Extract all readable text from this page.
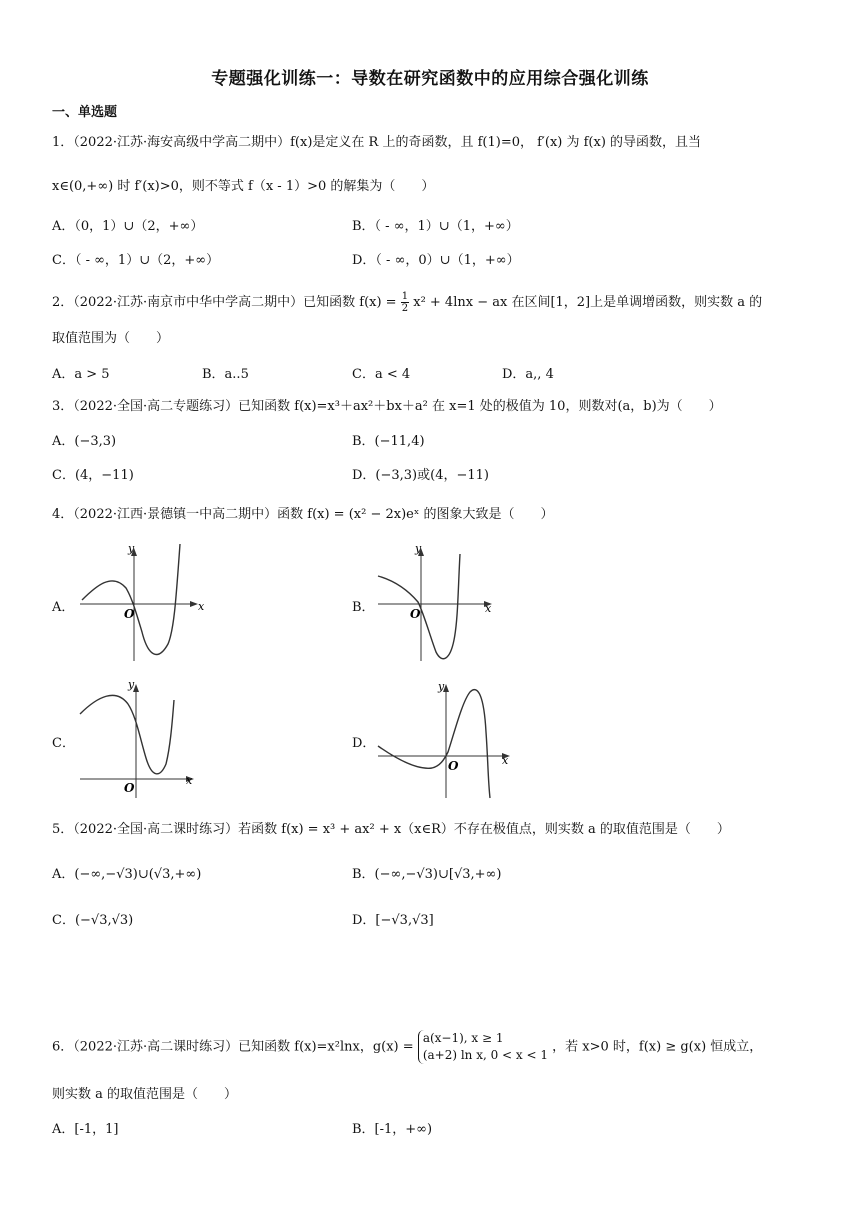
专题强化训练一：导数在研究函数中的应用综合强化训练
一、单选题
1．（2022·江苏·海安高级中学高二期中）f(x)是定义在 R 上的奇函数，且 f(1)=0， f′(x) 为 f(x) 的导函数，且当
x∈(0,+∞) 时 f′(x)>0，则不等式 f（x - 1）>0 的解集为（　　）
A．（0，1）∪（2，+∞）	B．（ - ∞，1）∪（1，+∞）
C．（ - ∞，1）∪（2，+∞）	D．（ - ∞，0）∪（1，+∞）
2．（2022·江苏·南京市中华中学高二期中）已知函数 $f(x) = \frac{1}{2} x^2 + 4\ln x$ − ax 在区间[1，2]上是单调增函数，则实数 a 的
取值范围为（　　）
A．a > 5	B．a..5	C．a < 4	D．a,, 4
3．（2022·全国·高二专题练习）已知函数 f(x)=x³＋ax²＋bx＋a² 在 x=1 处的极值为 10，则数对(a，b)为（　　）
A．(−3,3)	B．(−11,4)
C．(4，−11)	D．(−3,3)或(4，−11)
4．（2022·江西·景德镇一中高二期中）函数 f(x) = (x² − 2x)eˣ 的图象大致是（　　）
A．
y
x
O	B．
y
x
O
C．
y
x
O
D．
y
x
O
5．（2022·全国·高二课时练习）若函数 f(x) = x³ + ax² + x（x∈R）不存在极值点，则实数 a 的取值范围是（　　）
A．(−∞,−√3)∪(√3,+∞)	B．(−∞,−√3)∪[√3,+∞)
C．(−√3,√3)	D．[−√3,√3]
6．（2022·江苏·高二课时练习）已知函数 f(x)=x²lnx，g(x) =
a(x−1), x ≥ 1
(a+2) ln x, 0 < x < 1
，若 x>0 时，f(x) ≥ g(x) 恒成立，
则实数 a 的取值范围是（　　）
A．[-1，1]	B．[-1，+∞)
